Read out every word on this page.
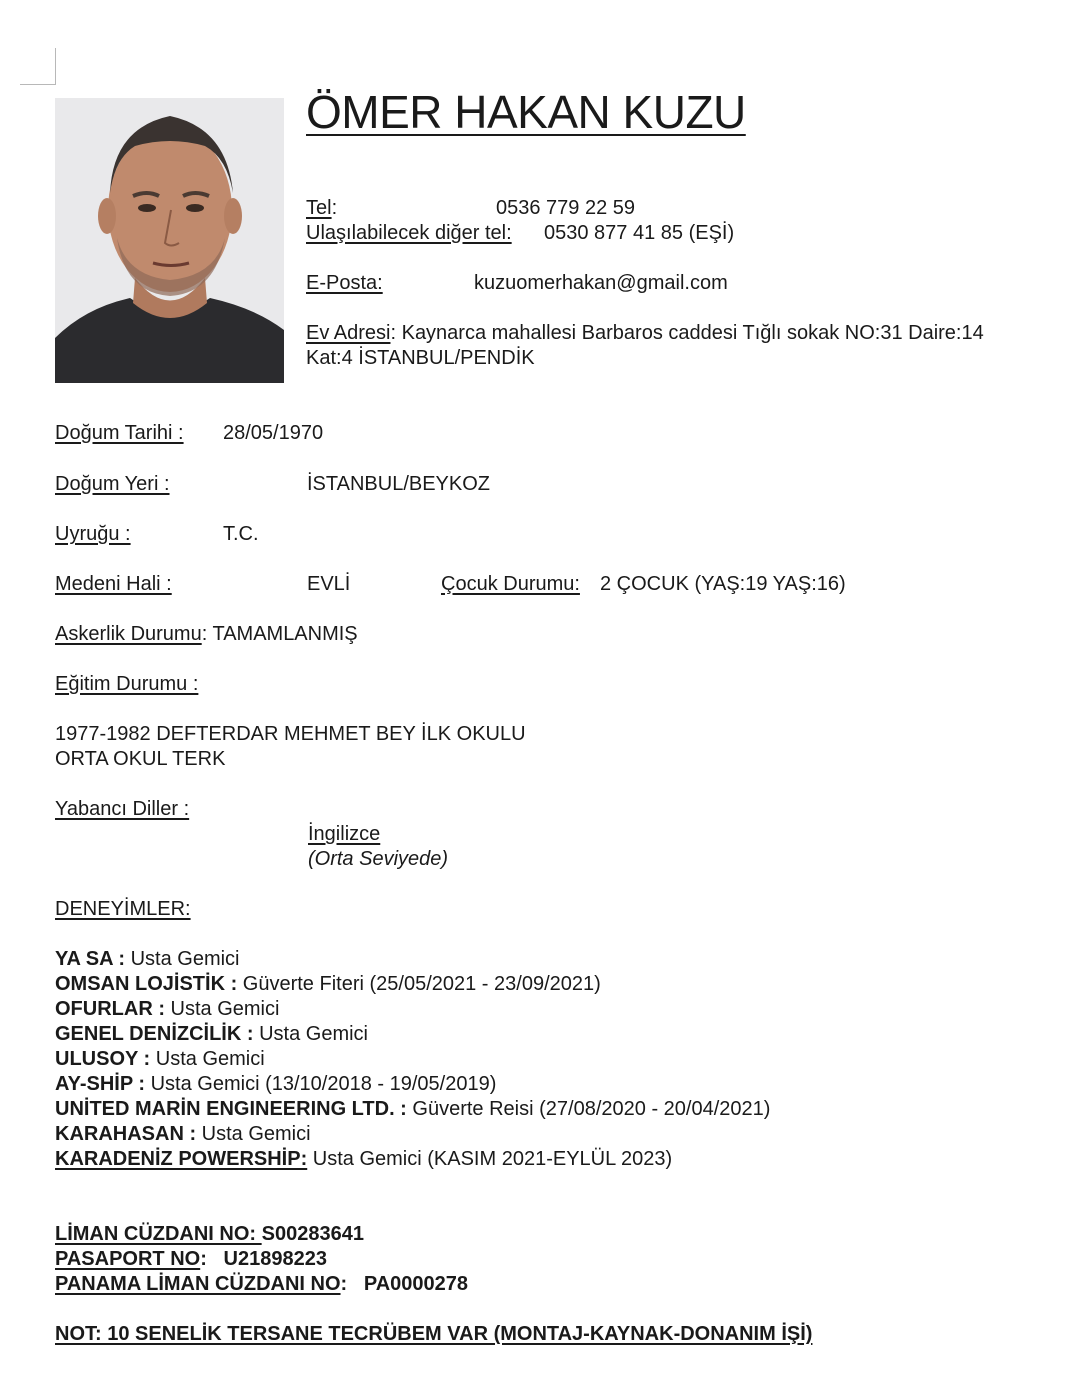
ÖMER HAKAN KUZU
Tel:	0536 779 22 59
Ulaşılabilecek diğer tel: 0530 877 41 85 (EŞİ)
E-Posta:	kuzuomerhakan@gmail.com
Ev Adresi: Kaynarca mahallesi Barbaros caddesi Tığlı sokak NO:31 Daire:14
Kat:4 İSTANBUL/PENDİK
Doğum Tarihi : 28/05/1970
Doğum Yeri :	İSTANBUL/BEYKOZ
Uyruğu :	T.C.
Medeni Hali :	EVLİ	Çocuk Durumu: 2 ÇOCUK (YAŞ:19 YAŞ:16)
Askerlik Durumu: TAMAMLANMIŞ
Eğitim Durumu :
1977-1982 DEFTERDAR MEHMET BEY İLK OKULU
ORTA OKUL TERK
Yabancı Diller :
İngilizce
(Orta Seviyede)
DENEYİMLER:
YA SA : Usta Gemici
OMSAN LOJİSTİK : Güverte Fiteri (25/05/2021 - 23/09/2021)
OFURLAR : Usta Gemici
GENEL DENİZCİLİK : Usta Gemici
ULUSOY : Usta Gemici
AY-SHİP : Usta Gemici (13/10/2018 - 19/05/2019)
UNİTED MARİN ENGINEERING LTD. : Güverte Reisi (27/08/2020 - 20/04/2021)
KARAHASAN : Usta Gemici
KARADENİZ POWERSHİP: Usta Gemici (KASIM 2021-EYLÜL 2023)
LİMAN CÜZDANI NO: S00283641
PASAPORT NO: U21898223
PANAMA LİMAN CÜZDANI NO: PA0000278
NOT: 10 SENELİK TERSANE TECRÜBEM VAR (MONTAJ-KAYNAK-DONANIM İŞİ)
